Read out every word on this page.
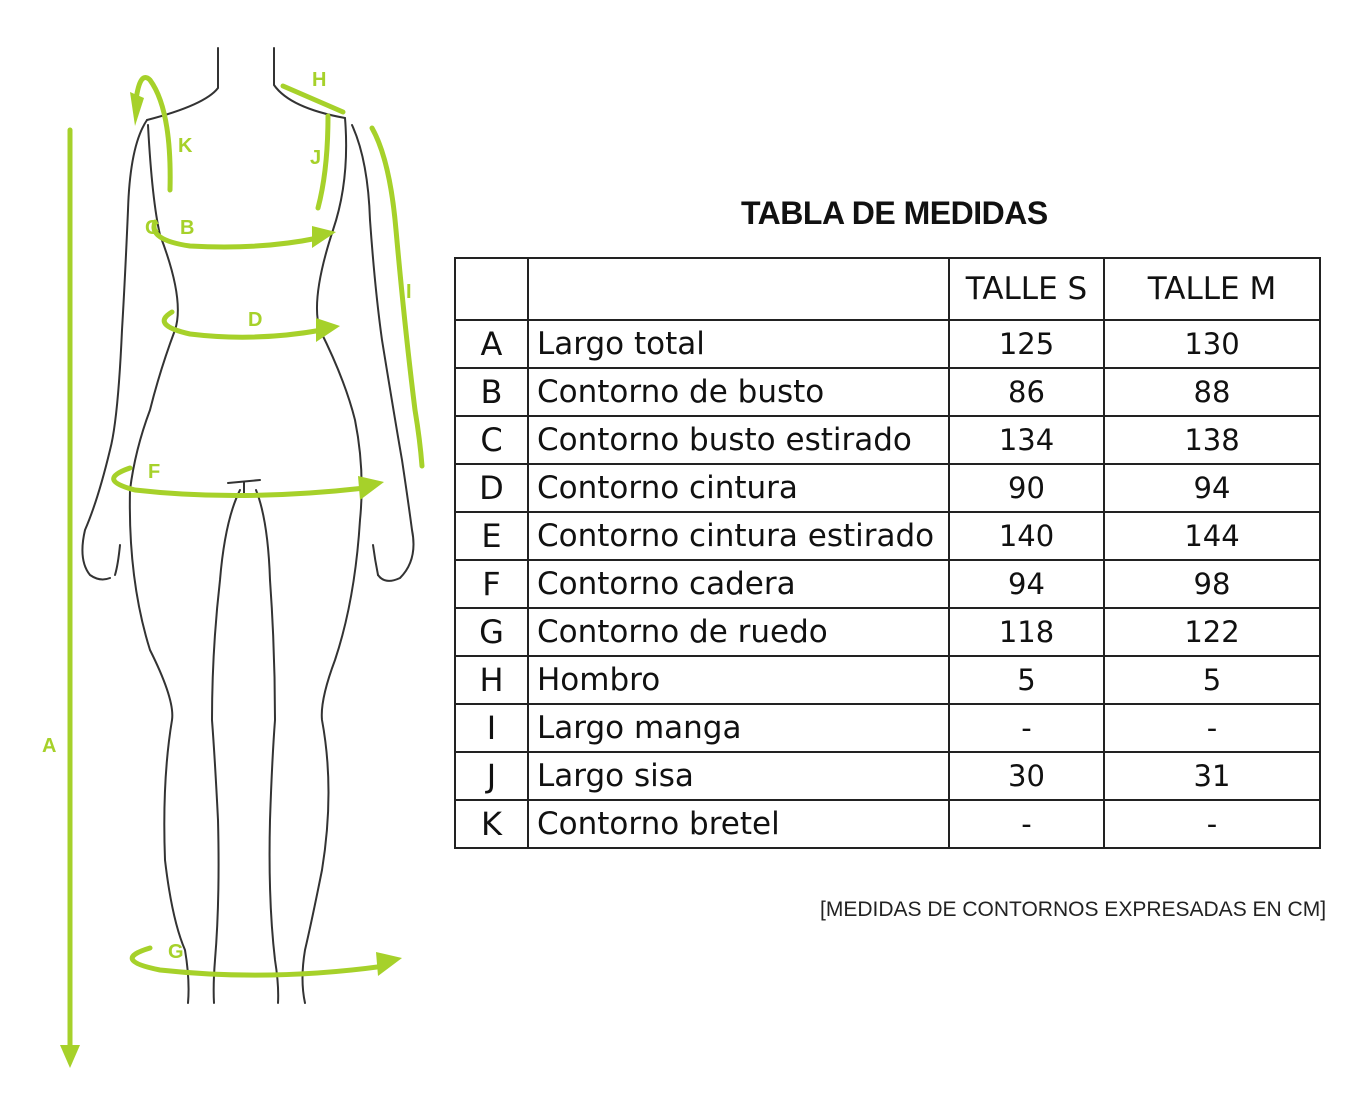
A
B
C
D
F
G
H
I
J
K
TABLA DE MEDIDAS
		TALLE S	TALLE M
A	Largo total	125	130
B	Contorno de busto	86	88
C	Contorno busto estirado	134	138
D	Contorno cintura	90	94
E	Contorno cintura estirado	140	144
F	Contorno cadera	94	98
G	Contorno de ruedo	118	122
H	Hombro	5	5
I	Largo manga	-	-
J	Largo sisa	30	31
K	Contorno bretel	-	-
[MEDIDAS DE CONTORNOS EXPRESADAS EN CM]
